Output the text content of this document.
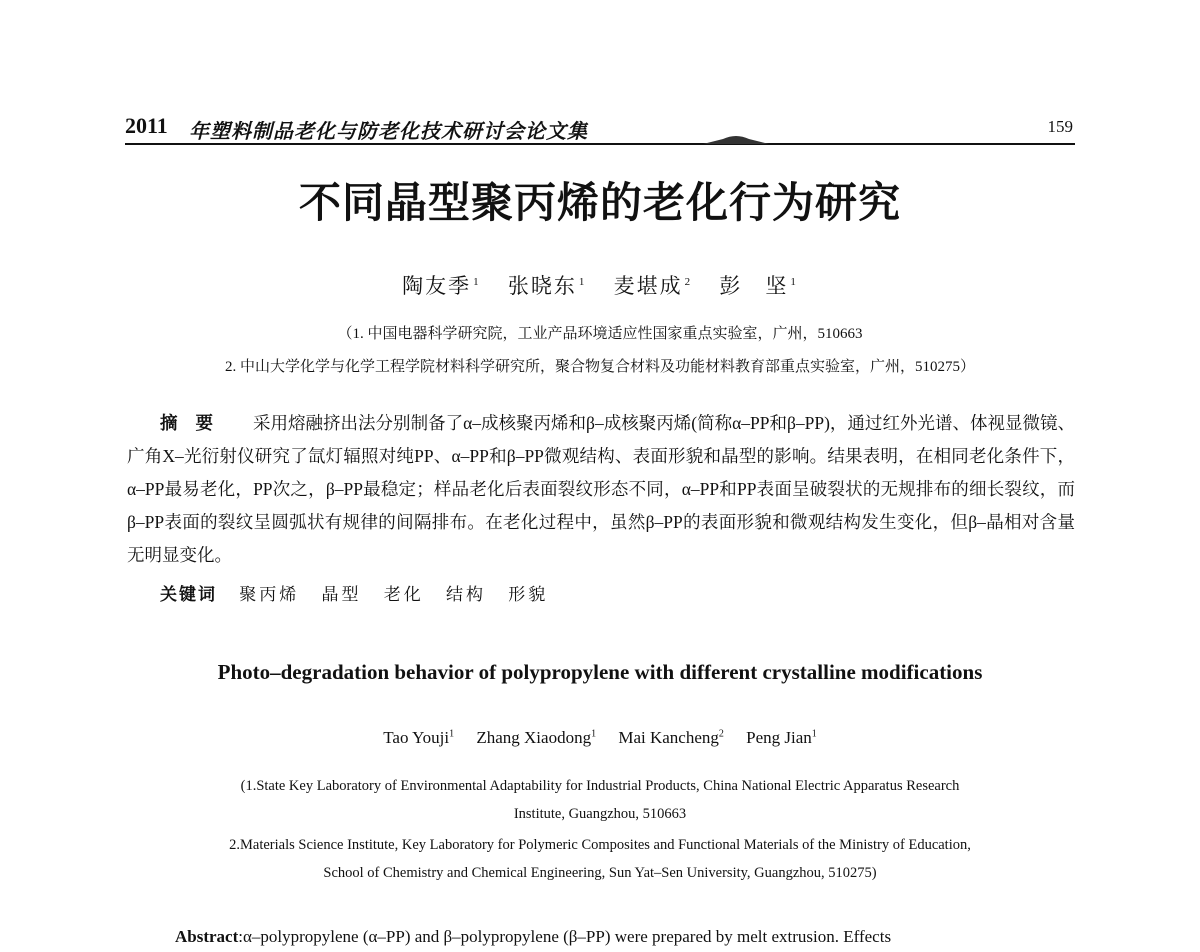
2011 年塑料制品老化与防老化技术研讨会论文集	159
不同晶型聚丙烯的老化行为研究
陶友季 $^1$ 张晓东 $^1$ 麦堪成 $^2$ 彭　坚 $^1$
（1. 中国电器科学研究院，工业产品环境适应性国家重点实验室，广州，510663
2. 中山大学化学与化学工程学院材料科学研究所，聚合物复合材料及功能材料教育部重点实验室，广州，510275）
摘要 采用熔融挤出法分别制备了α–成核聚丙烯和β–成核聚丙烯(简称α–PP和β–PP)，通过红外光谱、体视显微镜、广角X–光衍射仪研究了氙灯辐照对纯PP、α–PP和β–PP微观结构、表面形貌和晶型的影响。结果表明，在相同老化条件下，α–PP最易老化，PP次之，β–PP最稳定；样品老化后表面裂纹形态不同，α–PP和PP表面呈破裂状的无规排布的细长裂纹，而β–PP表面的裂纹呈圆弧状有规律的间隔排布。在老化过程中，虽然β–PP的表面形貌和微观结构发生变化，但β–晶相对含量无明显变化。
关键词 聚丙烯 晶型 老化 结构 形貌
Photo–degradation behavior of polypropylene with different crystalline modifications
Tao Youji$^1$ Zhang Xiaodong$^1$ Mai Kancheng$^2$ Peng Jian$^1$
(1.State Key Laboratory of Environmental Adaptability for Industrial Products, China National Electric Apparatus Research
Institute, Guangzhou, 510663
2.Materials Science Institute, Key Laboratory for Polymeric Composites and Functional Materials of the Ministry of Education,
School of Chemistry and Chemical Engineering, Sun Yat–Sen University, Guangzhou, 510275)
Abstract:α–polypropylene (α–PP) and β–polypropylene (β–PP) were prepared by melt extrusion. Effects
